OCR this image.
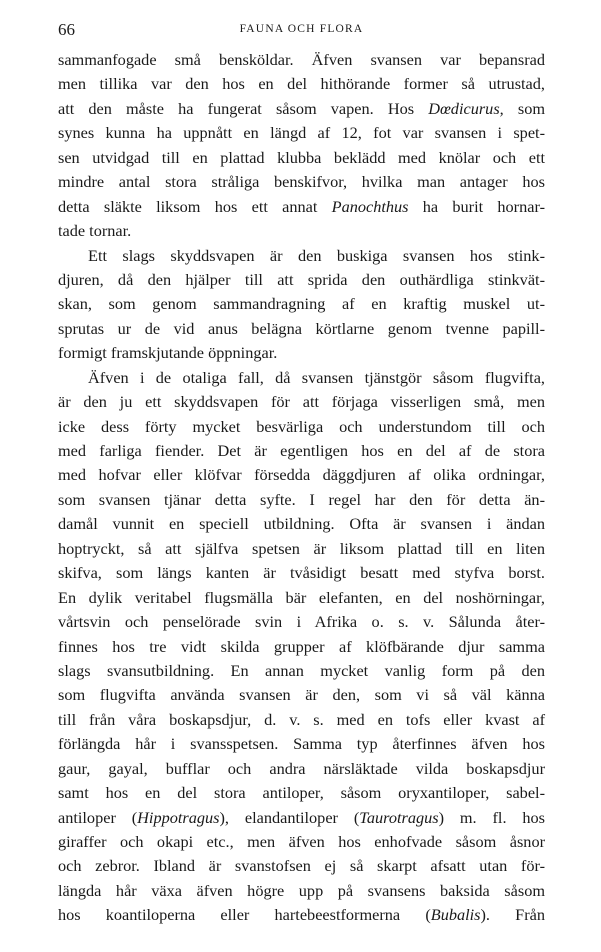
66	FAUNA OCH FLORA
sammanfogade små bensköldar. Äfven svansen var bepansrad
men tillika var den hos en del hithörande former så utrustad,
att den måste ha fungerat såsom vapen. Hos Dœdicurus, som
synes kunna ha uppnått en längd af 12, fot var svansen i spet-
sen utvidgad till en plattad klubba beklädd med knölar och ett
mindre antal stora stråliga benskifvor, hvilka man antager hos
detta släkte liksom hos ett annat Panochthus ha burit hornar-
tade tornar.
Ett slags skyddsvapen är den buskiga svansen hos stink-
djuren, då den hjälper till att sprida den outhärdliga stinkvät-
skan, som genom sammandragning af en kraftig muskel ut-
sprutas ur de vid anus belägna körtlarne genom tvenne papill-
formigt framskjutande öppningar.
Äfven i de otaliga fall, då svansen tjänstgör såsom flugvifta,
är den ju ett skyddsvapen för att förjaga visserligen små, men
icke dess förty mycket besvärliga och understundom till och
med farliga fiender. Det är egentligen hos en del af de stora
med hofvar eller klöfvar försedda däggdjuren af olika ordningar,
som svansen tjänar detta syfte. I regel har den för detta än-
damål vunnit en speciell utbildning. Ofta är svansen i ändan
hoptryckt, så att själfva spetsen är liksom plattad till en liten
skifva, som längs kanten är tvåsidigt besatt med styfva borst.
En dylik veritabel flugsmälla bär elefanten, en del noshörningar,
vårtsvin och penselörade svin i Afrika o. s. v. Sålunda åter-
finnes hos tre vidt skilda grupper af klöfbärande djur samma
slags svansutbildning. En annan mycket vanlig form på den
som flugvifta använda svansen är den, som vi så väl känna
till från våra boskapsdjur, d. v. s. med en tofs eller kvast af
förlängda hår i svansspetsen. Samma typ återfinnes äfven hos
gaur, gayal, bufflar och andra närsläktade vilda boskapsdjur
samt hos en del stora antiloper, såsom oryxantiloper, sabel-
antiloper (Hippotragus), elandantiloper (Taurotragus) m. fl. hos
giraffer och okapi etc., men äfven hos enhofvade såsom åsnor
och zebror. Ibland är svanstofsen ej så skarpt afsatt utan för-
längda hår växa äfven högre upp på svansens baksida såsom
hos koantiloperna eller hartebeestformerna (Bubalis). Från
